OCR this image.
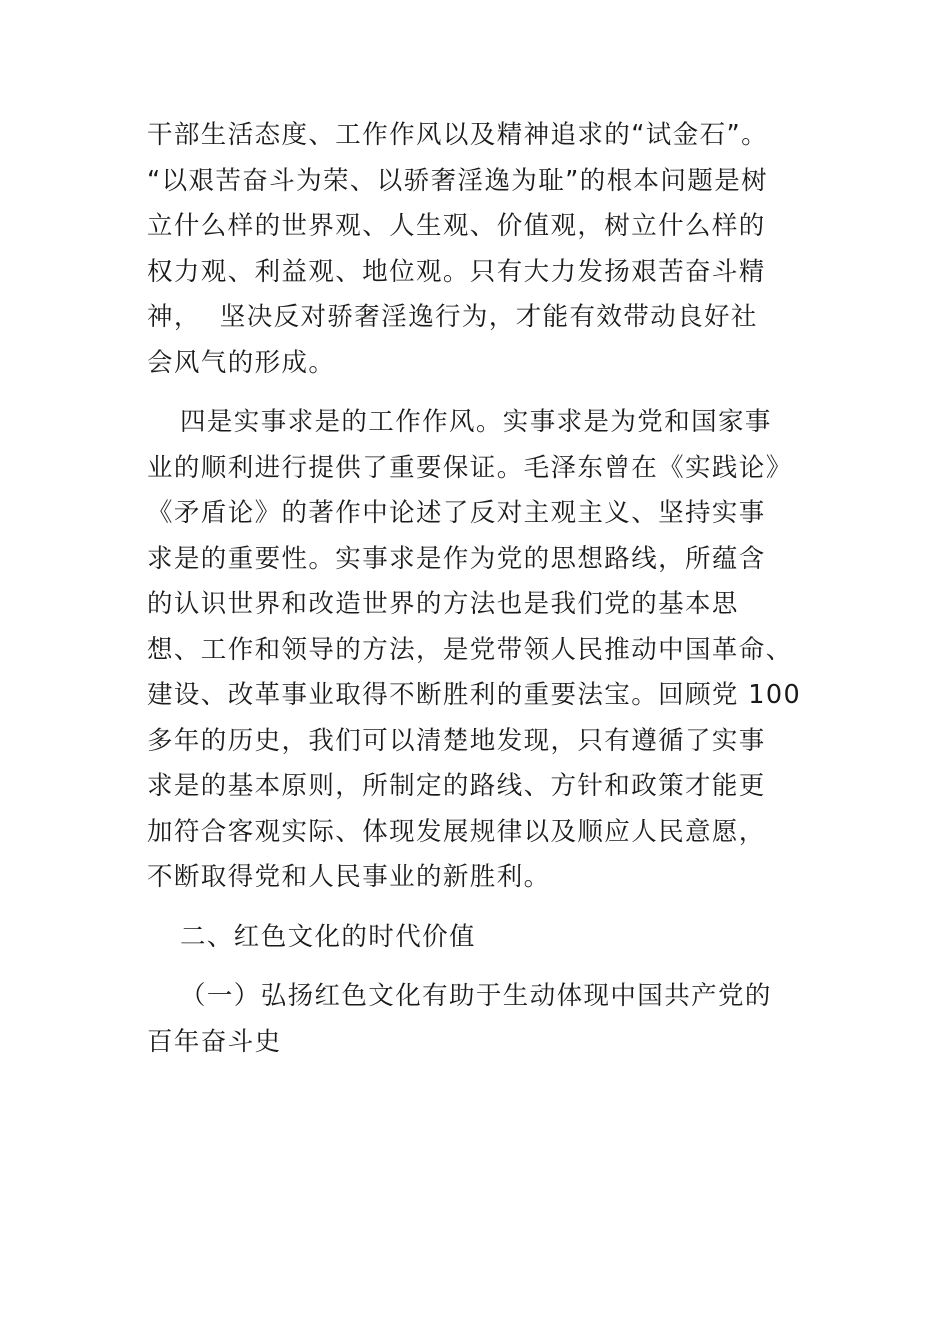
干部生活态度、工作作风以及精神追求的“试金石”。
“以艰苦奋斗为荣、以骄奢淫逸为耻”的根本问题是树
立什么样的世界观、人生观、价值观，树立什么样的
权力观、利益观、地位观。只有大力发扬艰苦奋斗精
神，  坚决反对骄奢淫逸行为，才能有效带动良好社
会风气的形成。
四是实事求是的工作作风。实事求是为党和国家事
业的顺利进行提供了重要保证。毛泽东曾在《实践论》
《矛盾论》的著作中论述了反对主观主义、坚持实事
求是的重要性。实事求是作为党的思想路线，所蕴含
的认识世界和改造世界的方法也是我们党的基本思
想、工作和领导的方法，是党带领人民推动中国革命、
建设、改革事业取得不断胜利的重要法宝。回顾党 100
多年的历史，我们可以清楚地发现，只有遵循了实事
求是的基本原则，所制定的路线、方针和政策才能更
加符合客观实际、体现发展规律以及顺应人民意愿，
不断取得党和人民事业的新胜利。
二、红色文化的时代价值
（一）弘扬红色文化有助于生动体现中国共产党的
百年奋斗史
